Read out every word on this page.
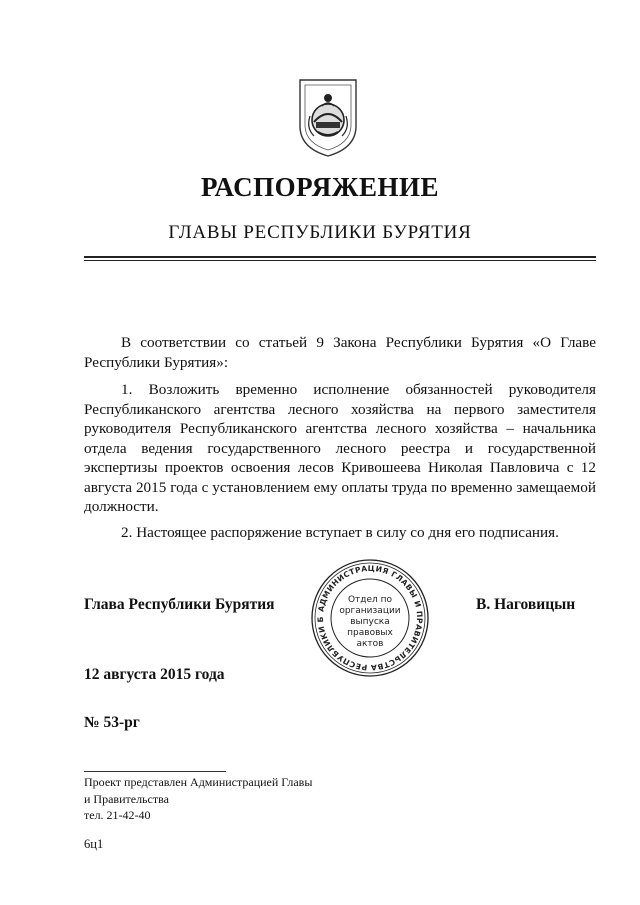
РАСПОРЯЖЕНИЕ
ГЛАВЫ РЕСПУБЛИКИ БУРЯТИЯ
В соответствии со статьей 9 Закона Республики Бурятия «О Главе Республики Бурятия»:
1. Возложить временно исполнение обязанностей руководителя Республиканского агентства лесного хозяйства на первого заместителя руководителя Республиканского агентства лесного хозяйства – начальника отдела ведения государственного лесного реестра и государственной экспертизы проектов освоения лесов Кривошеева Николая Павловича с 12 августа 2015 года с установлением ему оплаты труда по временно замещаемой должности.
2. Настоящее распоряжение вступает в силу со дня его подписания.
Глава Республики Бурятия	АДМИНИСТРАЦИЯ ГЛАВЫ И ПРАВИТЕЛЬСТВА РЕСПУБЛИКИ Б
Отдел по
организации
выпуска
правовых
актов
В. Наговицын
12 августа 2015 года
№ 53-рг
Проект представлен Администрацией Главы
и Правительства
тел. 21-42-40
6ц1
